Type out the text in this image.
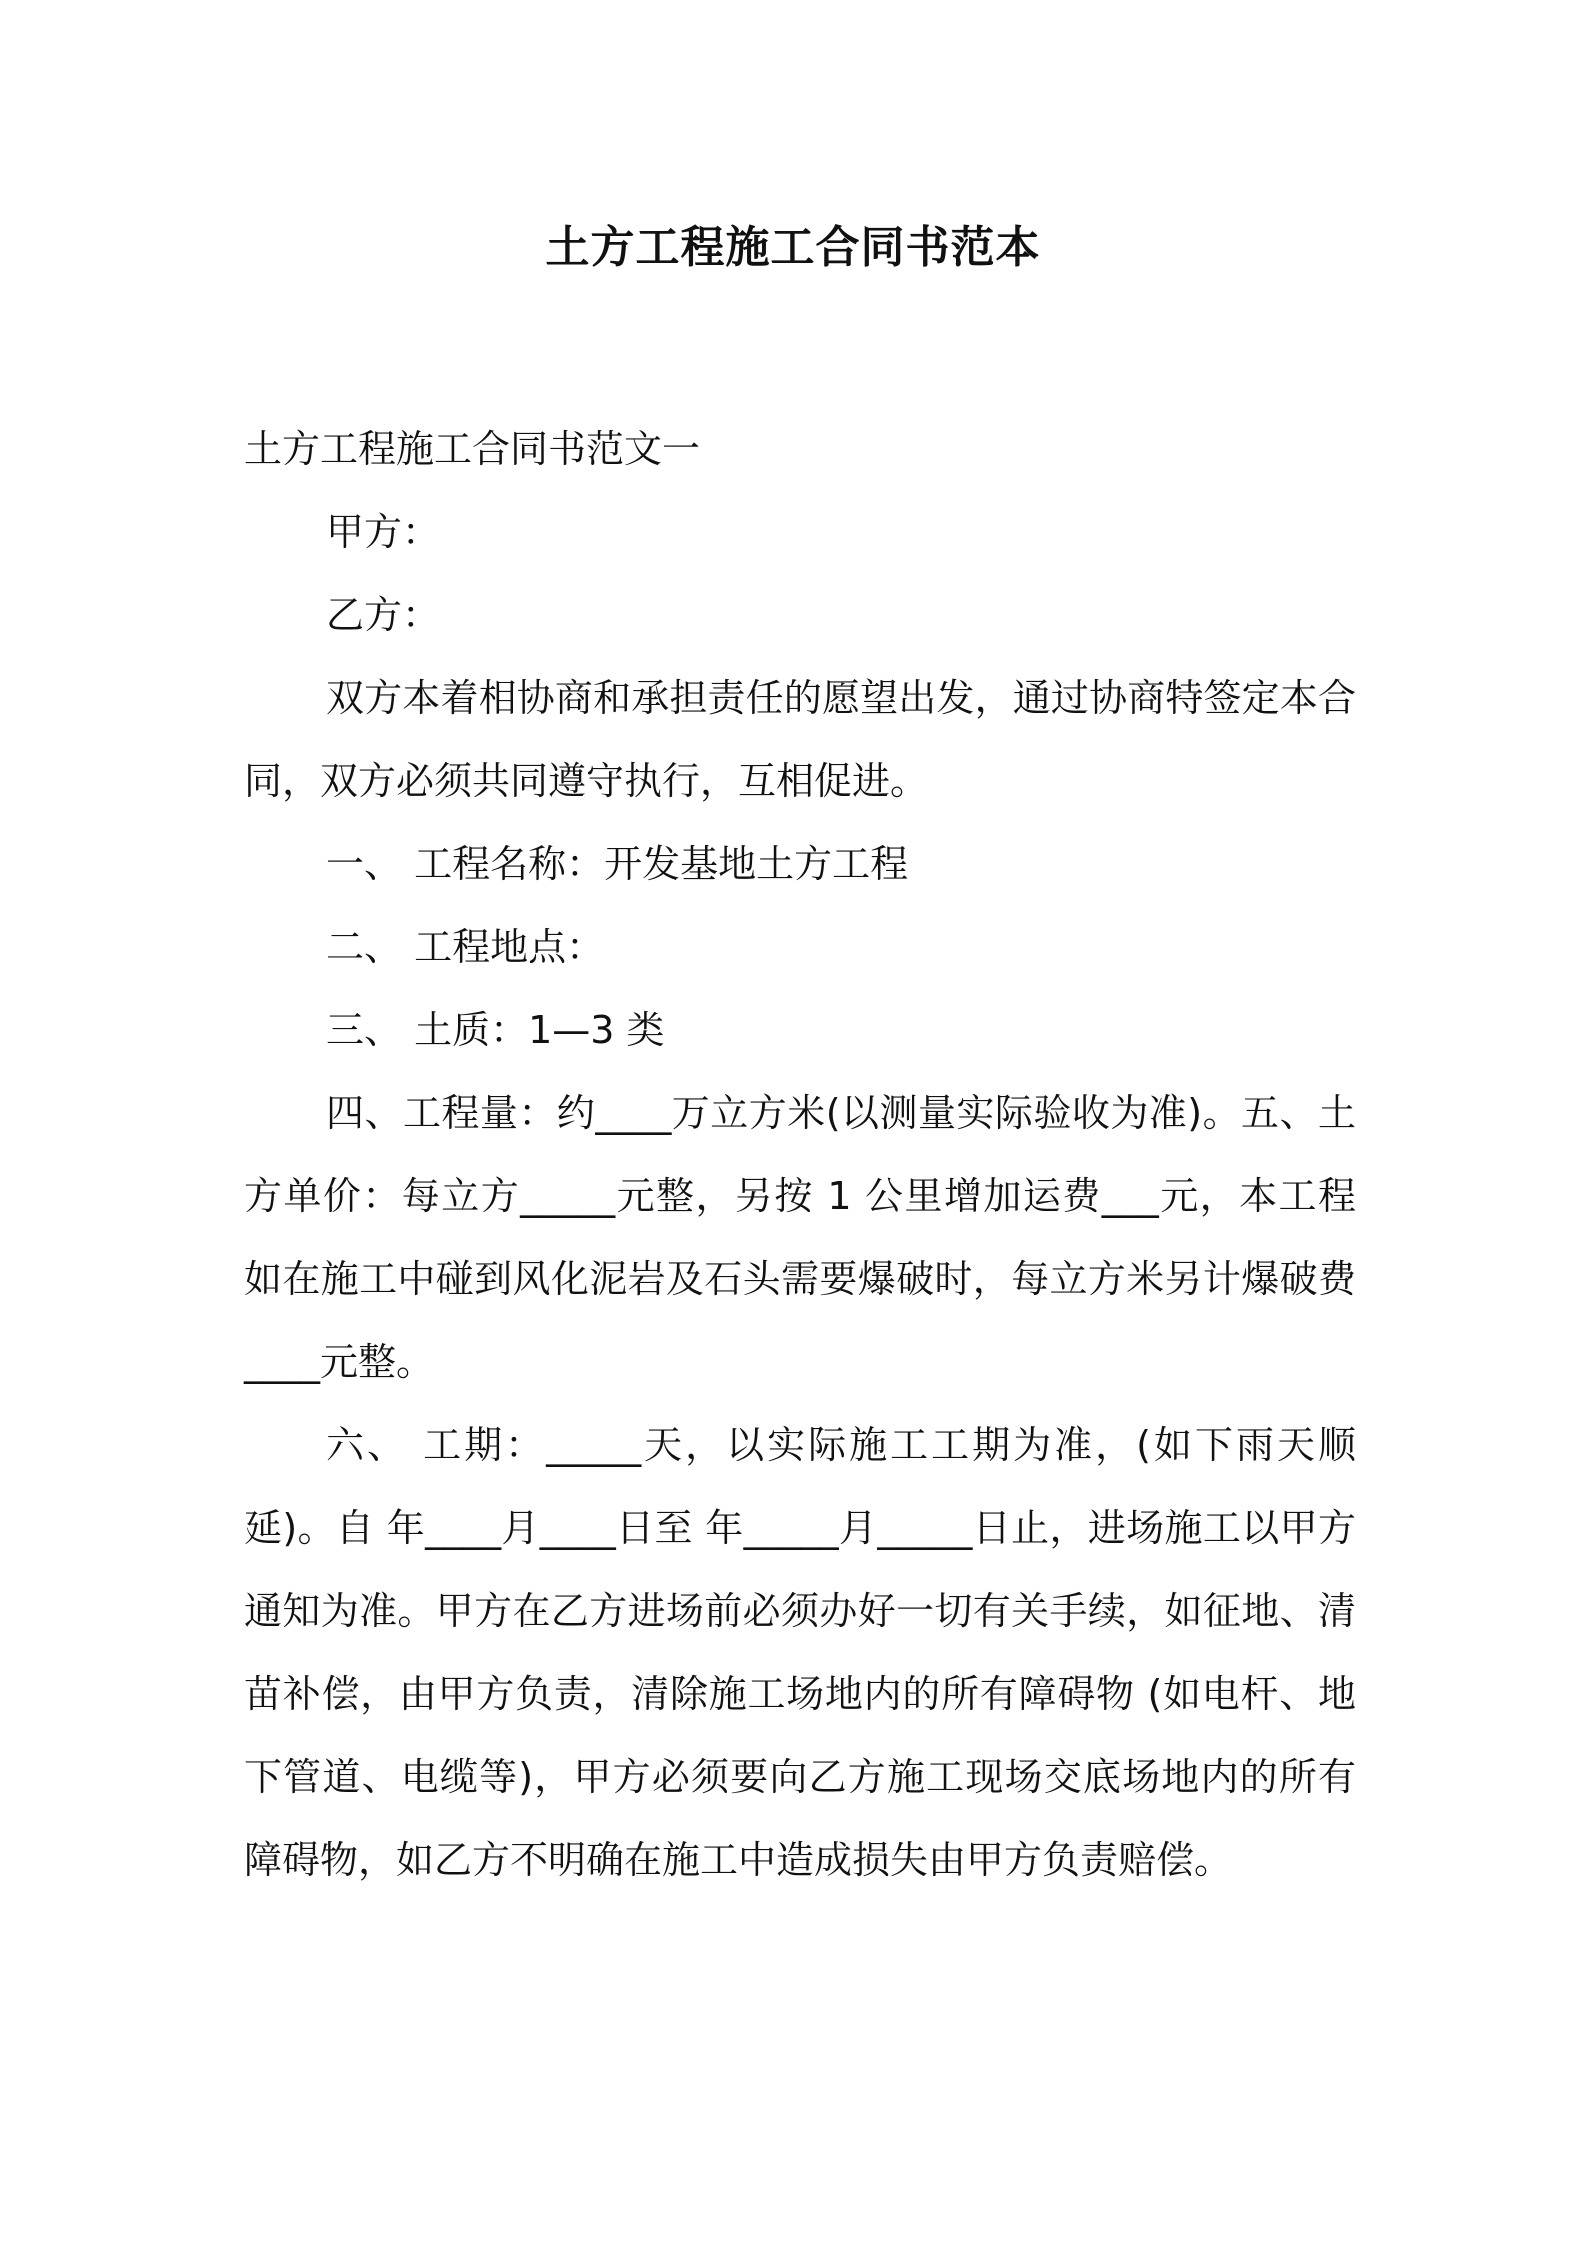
土方工程施工合同书范本

土方工程施工合同书范文一

甲方：

乙方：

双方本着相协商和承担责任的愿望出发，通过协商特签定本合同，双方必须共同遵守执行，互相促进。

一、 工程名称：开发基地土方工程

二、 工程地点：

三、 土质：1—3 类

四、工程量：约____万立方米(以测量实际验收为准)。五、土方单价：每立方_____元整，另按 1 公里增加运费___元，本工程如在施工中碰到风化泥岩及石头需要爆破时，每立方米另计爆破费____元整。

六、 工期：_____天，以实际施工工期为准，(如下雨天顺延)。自 年____月____日至 年_____月_____日止，进场施工以甲方通知为准。甲方在乙方进场前必须办好一切有关手续，如征地、清苗补偿，由甲方负责，清除施工场地内的所有障碍物 (如电杆、地下管道、电缆等)，甲方必须要向乙方施工现场交底场地内的所有障碍物，如乙方不明确在施工中造成损失由甲方负责赔偿。
